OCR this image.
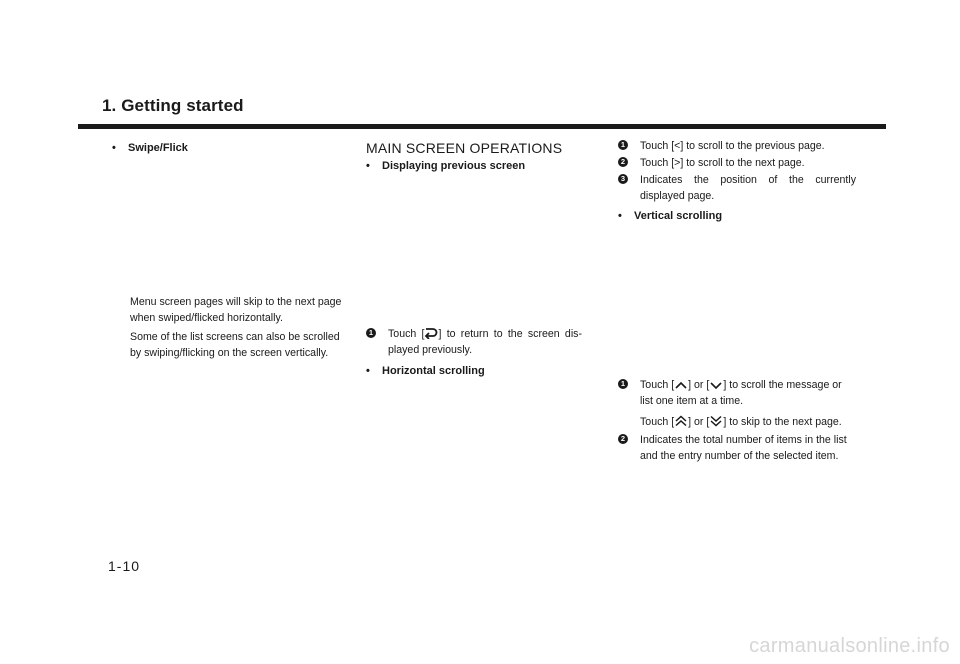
1. Getting started
• Swipe/Flick
Menu screen pages will skip to the next page
when swiped/flicked horizontally.
Some of the list screens can also be scrolled
by swiping/flicking on the screen vertically.
MAIN SCREEN OPERATIONS
• Displaying previous screen
1	Touch [ ] to return to the screen dis-
played previously.
• Horizontal scrolling
1	Touch [<] to scroll to the previous page.
2	Touch [>] to scroll to the next page.
3	Indicates the position of the currently
displayed page.
• Vertical scrolling
1	Touch [ ] or [ ] to scroll the message or
list one item at a time.
Touch [ ] or [ ] to skip to the next page.
2	Indicates the total number of items in the list
and the entry number of the selected item.
1-10
carmanualsonline.info
